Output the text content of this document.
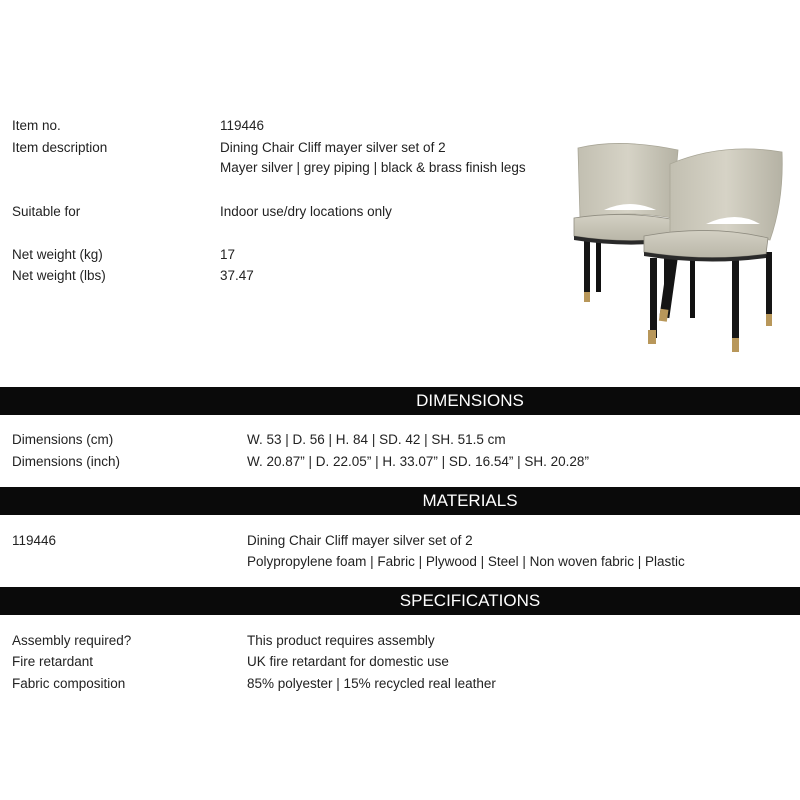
Item no.	119446
Item description	Dining Chair Cliff mayer silver set of 2
Mayer silver | grey piping | black & brass finish legs
Suitable for	Indoor use/dry locations only
Net weight (kg)	17
Net weight (lbs)	37.47
DIMENSIONS
Dimensions (cm)	W. 53 | D. 56 | H. 84 | SD. 42 | SH. 51.5 cm
Dimensions (inch)	W. 20.87” | D. 22.05” | H. 33.07” | SD. 16.54” | SH. 20.28”
MATERIALS
119446	Dining Chair Cliff mayer silver set of 2
Polypropylene foam | Fabric | Plywood | Steel | Non woven fabric | Plastic
SPECIFICATIONS
Assembly required?	This product requires assembly
Fire retardant	UK fire retardant for domestic use
Fabric composition	85% polyester | 15% recycled real leather
